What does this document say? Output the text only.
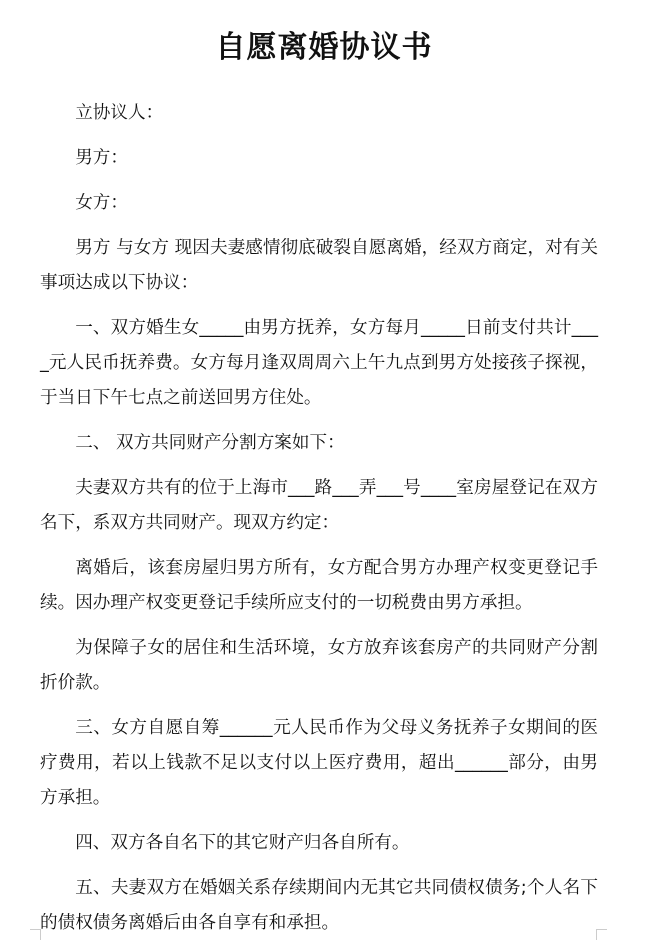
自愿离婚协议书

立协议人：

男方：

女方：

男方 与女方 现因夫妻感情彻底破裂自愿离婚，经双方商定，对有关事项达成以下协议：

一、双方婚生女_____由男方抚养，女方每月_____日前支付共计____元人民币抚养费。女方每月逢双周周六上午九点到男方处接孩子探视，于当日下午七点之前送回男方住处。

二、 双方共同财产分割方案如下：

夫妻双方共有的位于上海市___路___弄___号____室房屋登记在双方名下，系双方共同财产。现双方约定：

离婚后，该套房屋归男方所有，女方配合男方办理产权变更登记手续。因办理产权变更登记手续所应支付的一切税费由男方承担。

为保障子女的居住和生活环境，女方放弃该套房产的共同财产分割折价款。

三、女方自愿自筹______元人民币作为父母义务抚养子女期间的医疗费用，若以上钱款不足以支付以上医疗费用，超出______部分，由男方承担。

四、双方各自名下的其它财产归各自所有。

五、夫妻双方在婚姻关系存续期间内无其它共同债权债务;个人名下的债权债务离婚后由各自享有和承担。
